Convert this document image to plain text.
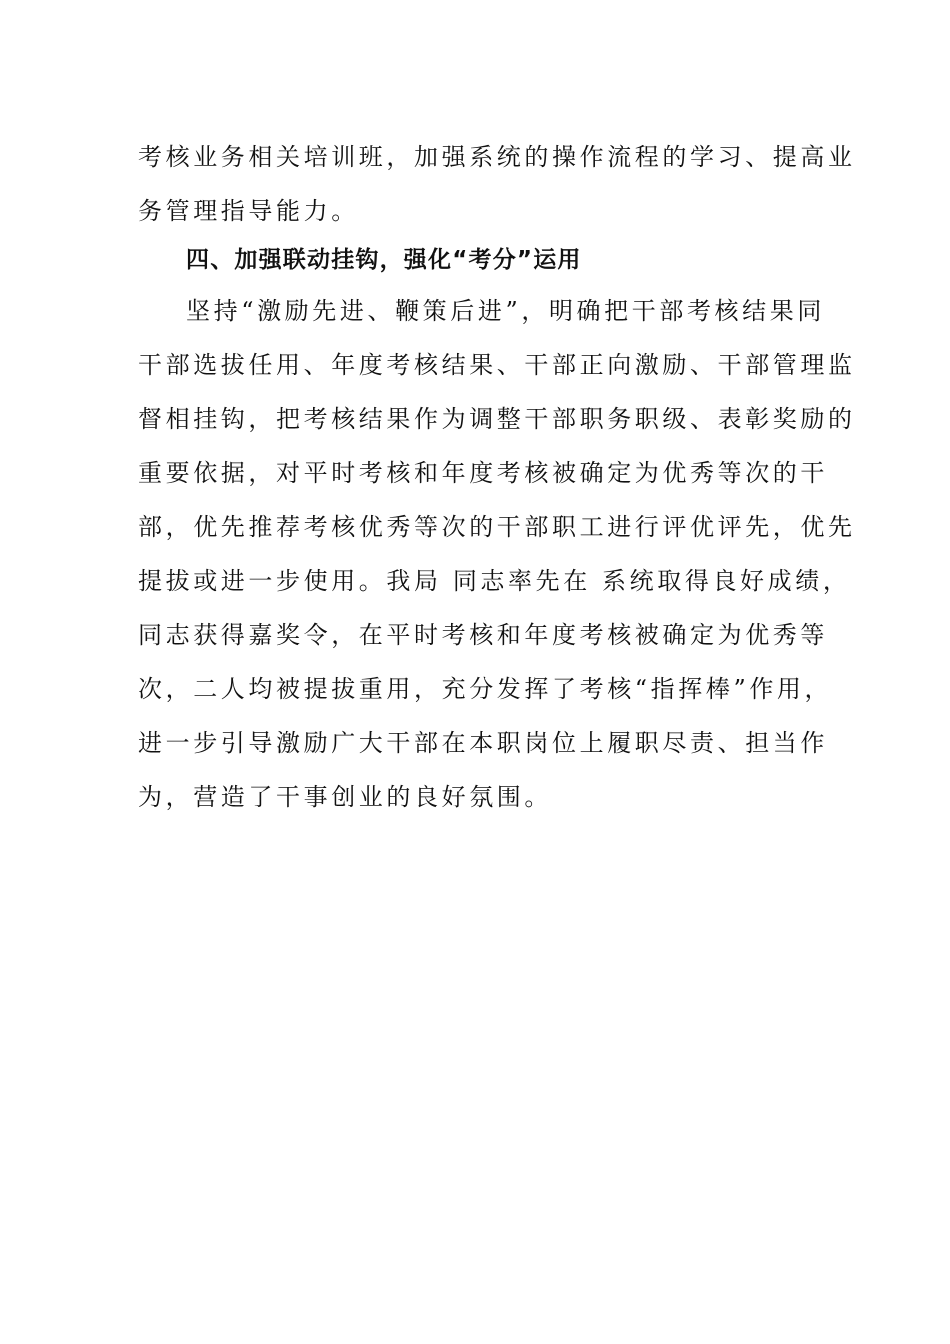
考核业务相关培训班，加强系统的操作流程的学习、提高业
务管理指导能力。
四、加强联动挂钩，强化“考分”运用
坚持“激励先进、鞭策后进”，明确把干部考核结果同
干部选拔任用、年度考核结果、干部正向激励、干部管理监
督相挂钩，把考核结果作为调整干部职务职级、表彰奖励的
重要依据，对平时考核和年度考核被确定为优秀等次的干
部，优先推荐考核优秀等次的干部职工进行评优评先，优先
提拔或进一步使用。我局 同志率先在 系统取得良好成绩，
同志获得嘉奖令，在平时考核和年度考核被确定为优秀等
次，二人均被提拔重用，充分发挥了考核“指挥棒”作用，
进一步引导激励广大干部在本职岗位上履职尽责、担当作
为，营造了干事创业的良好氛围。
